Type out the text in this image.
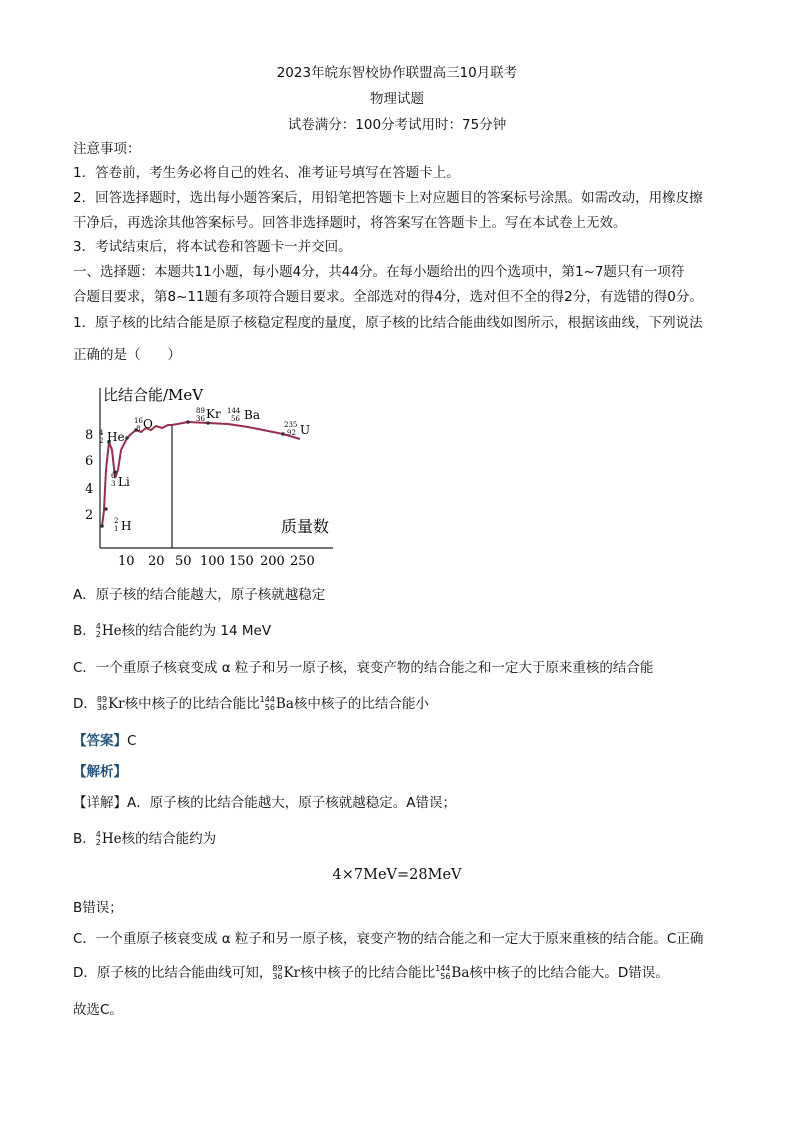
2023年皖东智校协作联盟高三10月联考
物理试题
试卷满分：100分考试用时：75分钟
注意事项：
1．答卷前，考生务必将自己的姓名、准考证号填写在答题卡上。
2．回答选择题时，选出每小题答案后，用铅笔把答题卡上对应题目的答案标号涂黑。如需改动，用橡皮擦
干净后，再选涂其他答案标号。回答非选择题时，将答案写在答题卡上。写在本试卷上无效。
3．考试结束后，将本试卷和答题卡一并交回。
一、选择题：本题共11小题，每小题4分，共44分。在每小题给出的四个选项中，第1~7题只有一项符
合题目要求，第8~11题有多项符合题目要求。全部选对的得4分，选对但不全的得2分，有选错的得0分。
1．原子核的比结合能是原子核稳定程度的量度，原子核的比结合能曲线如图所示，根据该曲线，下列说法
正确的是（　　）
2
4
6
8
10 20 50 100 150 200 250
比结合能/MeV
质量数
4
2
16
8
89
36
144
56
235
92
6
3
2
1
He
O
Kr Ba
U
Li
H
A．原子核的结合能越大，原子核就越稳定
B． 4
2 He核的结合能约为 14 MeV
C．一个重原子核衰变成 α 粒子和另一原子核，衰变产物的结合能之和一定大于原来重核的结合能
D． 89
36 Kr核中核子的比结合能比 144
56 Ba核中核子的比结合能小
【答案】C
【解析】
【详解】A．原子核的比结合能越大，原子核就越稳定。A错误；
B． 4
2 He核的结合能约为
4×7MeV=28MeV
B错误；
C．一个重原子核衰变成 α 粒子和另一原子核，衰变产物的结合能之和一定大于原来重核的结合能。C正确
D．原子核的比结合能曲线可知， 89
36 Kr核中核子的比结合能比 144
56 Ba核中核子的比结合能大。D错误。
故选C。
